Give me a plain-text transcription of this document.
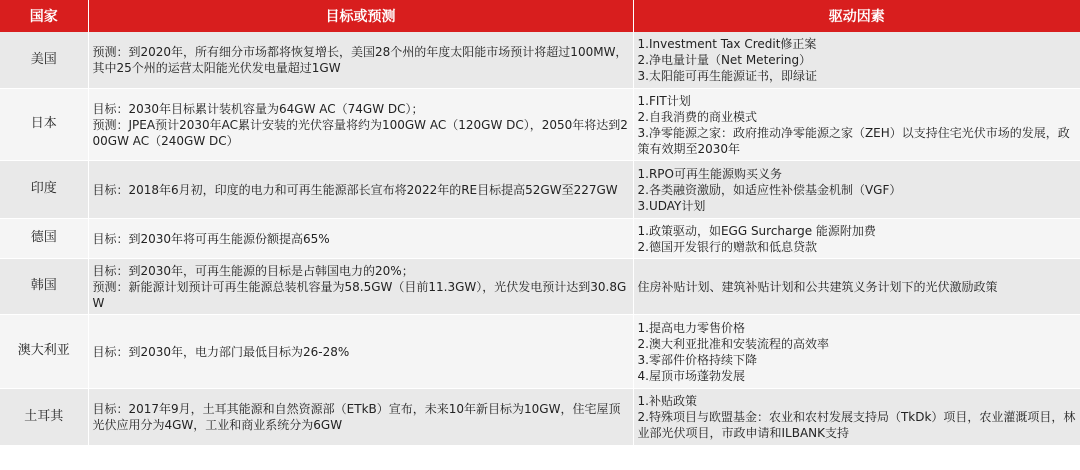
国家	目标或预测	驱动因素
美国	预测：到2020年，所有细分市场都将恢复增长，美国28个州的年度太阳能市场预计将超过100MW，其中25个州的运营太阳能光伏发电量超过1GW	1.Investment Tax Credit修正案
2.净电量计量（Net Metering）
3.太阳能可再生能源证书，即绿证

日本	目标：2030年目标累计装机容量为64GW AC（74GW DC）；
预测：JPEA预计2030年AC累计安装的光伏容量将约为100GW AC（120GW DC），2050年将达到200GW AC（240GW DC）	1.FIT计划
2.自我消费的商业模式
3.净零能源之家：政府推动净零能源之家（ZEH）以支持住宅光伏市场的发展，政策有效期至2030年

印度	目标：2018年6月初，印度的电力和可再生能源部长宣布将2022年的RE目标提高52GW至227GW	1.RPO可再生能源购买义务
2.各类融资激励，如适应性补偿基金机制（VGF）
3.UDAY计划

德国	目标：到2030年将可再生能源份额提高65%	1.政策驱动，如EGG Surcharge 能源附加费
2.德国开发银行的赠款和低息贷款

韩国	目标：到2030年，可再生能源的目标是占韩国电力的20%；
预测：新能源计划预计可再生能源总装机容量为58.5GW（目前11.3GW），光伏发电预计达到30.8GW	住房补贴计划、建筑补贴计划和公共建筑义务计划下的光伏激励政策

澳大利亚	目标：到2030年，电力部门最低目标为26-28%	1.提高电力零售价格
2.澳大利亚批准和安装流程的高效率
3.零部件价格持续下降
4.屋顶市场蓬勃发展

土耳其	目标：2017年9月，土耳其能源和自然资源部（ETkB）宣布，未来10年新目标为10GW，住宅屋顶光伏应用分为4GW，工业和商业系统分为6GW	1.补贴政策
2.特殊项目与欧盟基金：农业和农村发展支持局（TkDk）项目，农业灌溉项目，林业部光伏项目，市政申请和ILBANK支持
